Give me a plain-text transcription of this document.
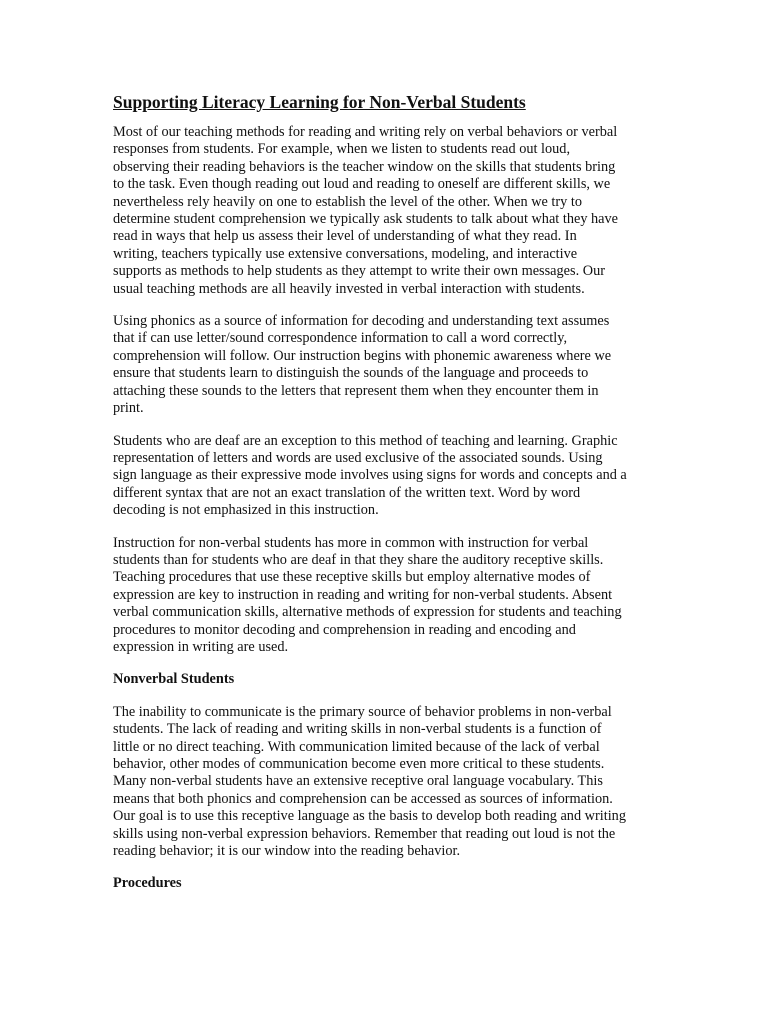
Supporting Literacy Learning for Non-Verbal Students
Most of our teaching methods for reading and writing rely on verbal behaviors or verbal
responses from students. For example, when we listen to students read out loud,
observing their reading behaviors is the teacher window on the skills that students bring
to the task. Even though reading out loud and reading to oneself are different skills, we
nevertheless rely heavily on one to establish the level of the other. When we try to
determine student comprehension we typically ask students to talk about what they have
read in ways that help us assess their level of understanding of what they read. In
writing, teachers typically use extensive conversations, modeling, and interactive
supports as methods to help students as they attempt to write their own messages. Our
usual teaching methods are all heavily invested in verbal interaction with students.
Using phonics as a source of information for decoding and understanding text assumes
that if can use letter/sound correspondence information to call a word correctly,
comprehension will follow. Our instruction begins with phonemic awareness where we
ensure that students learn to distinguish the sounds of the language and proceeds to
attaching these sounds to the letters that represent them when they encounter them in
print.
Students who are deaf are an exception to this method of teaching and learning. Graphic
representation of letters and words are used exclusive of the associated sounds. Using
sign language as their expressive mode involves using signs for words and concepts and a
different syntax that are not an exact translation of the written text. Word by word
decoding is not emphasized in this instruction.
Instruction for non-verbal students has more in common with instruction for verbal
students than for students who are deaf in that they share the auditory receptive skills.
Teaching procedures that use these receptive skills but employ alternative modes of
expression are key to instruction in reading and writing for non-verbal students. Absent
verbal communication skills, alternative methods of expression for students and teaching
procedures to monitor decoding and comprehension in reading and encoding and
expression in writing are used.
Nonverbal Students
The inability to communicate is the primary source of behavior problems in non-verbal
students. The lack of reading and writing skills in non-verbal students is a function of
little or no direct teaching. With communication limited because of the lack of verbal
behavior, other modes of communication become even more critical to these students.
Many non-verbal students have an extensive receptive oral language vocabulary. This
means that both phonics and comprehension can be accessed as sources of information.
Our goal is to use this receptive language as the basis to develop both reading and writing
skills using non-verbal expression behaviors. Remember that reading out loud is not the
reading behavior; it is our window into the reading behavior.
Procedures
